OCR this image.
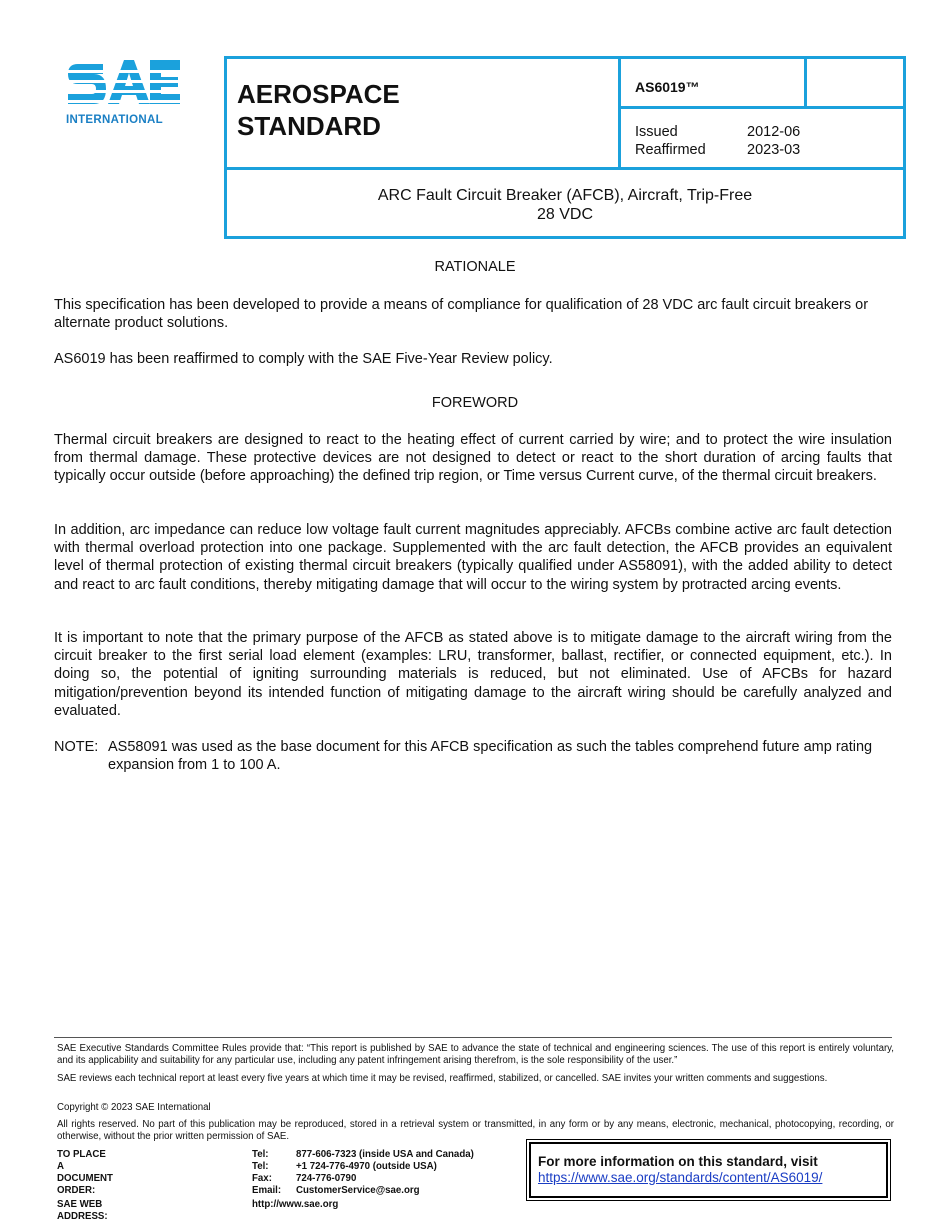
SAE
INTERNATIONAL
AEROSPACE
STANDARD
AS6019™
Issued	2012-06
Reaffirmed	2023-03
ARC Fault Circuit Breaker (AFCB), Aircraft, Trip-Free
28 VDC
RATIONALE
This specification has been developed to provide a means of compliance for qualification of 28 VDC arc fault circuit breakers or alternate product solutions.
AS6019 has been reaffirmed to comply with the SAE Five-Year Review policy.
FOREWORD
Thermal circuit breakers are designed to react to the heating effect of current carried by wire; and to protect the wire insulation from thermal damage. These protective devices are not designed to detect or react to the short duration of arcing faults that typically occur outside (before approaching) the defined trip region, or Time versus Current curve, of the thermal circuit breakers.
In addition, arc impedance can reduce low voltage fault current magnitudes appreciably. AFCBs combine active arc fault detection with thermal overload protection into one package. Supplemented with the arc fault detection, the AFCB provides an equivalent level of thermal protection of existing thermal circuit breakers (typically qualified under AS58091), with the added ability to detect and react to arc fault conditions, thereby mitigating damage that will occur to the wiring system by protracted arcing events.
It is important to note that the primary purpose of the AFCB as stated above is to mitigate damage to the aircraft wiring from the circuit breaker to the first serial load element (examples: LRU, transformer, ballast, rectifier, or connected equipment, etc.). In doing so, the potential of igniting surrounding materials is reduced, but not eliminated. Use of AFCBs for hazard mitigation/prevention beyond its intended function of mitigating damage to the aircraft wiring should be carefully analyzed and evaluated.
NOTE: AS58091 was used as the base document for this AFCB specification as such the tables comprehend future amp rating expansion from 1 to 100 A.
SAE Executive Standards Committee Rules provide that: “This report is published by SAE to advance the state of technical and engineering sciences. The use of this report is entirely voluntary, and its applicability and suitability for any particular use, including any patent infringement arising therefrom, is the sole responsibility of the user.”
SAE reviews each technical report at least every five years at which time it may be revised, reaffirmed, stabilized, or cancelled. SAE invites your written comments and suggestions.
Copyright © 2023 SAE International
All rights reserved. No part of this publication may be reproduced, stored in a retrieval system or transmitted, in any form or by any means, electronic, mechanical, photocopying, recording, or otherwise, without the prior written permission of SAE.
TO PLACE A DOCUMENT ORDER:
Tel:	877-606-7323 (inside USA and Canada)
Tel:	+1 724-776-4970 (outside USA)
Fax:	724-776-0790
Email:	CustomerService@sae.org
SAE WEB ADDRESS:
http://www.sae.org
For more information on this standard, visit
https://www.sae.org/standards/content/AS6019/
